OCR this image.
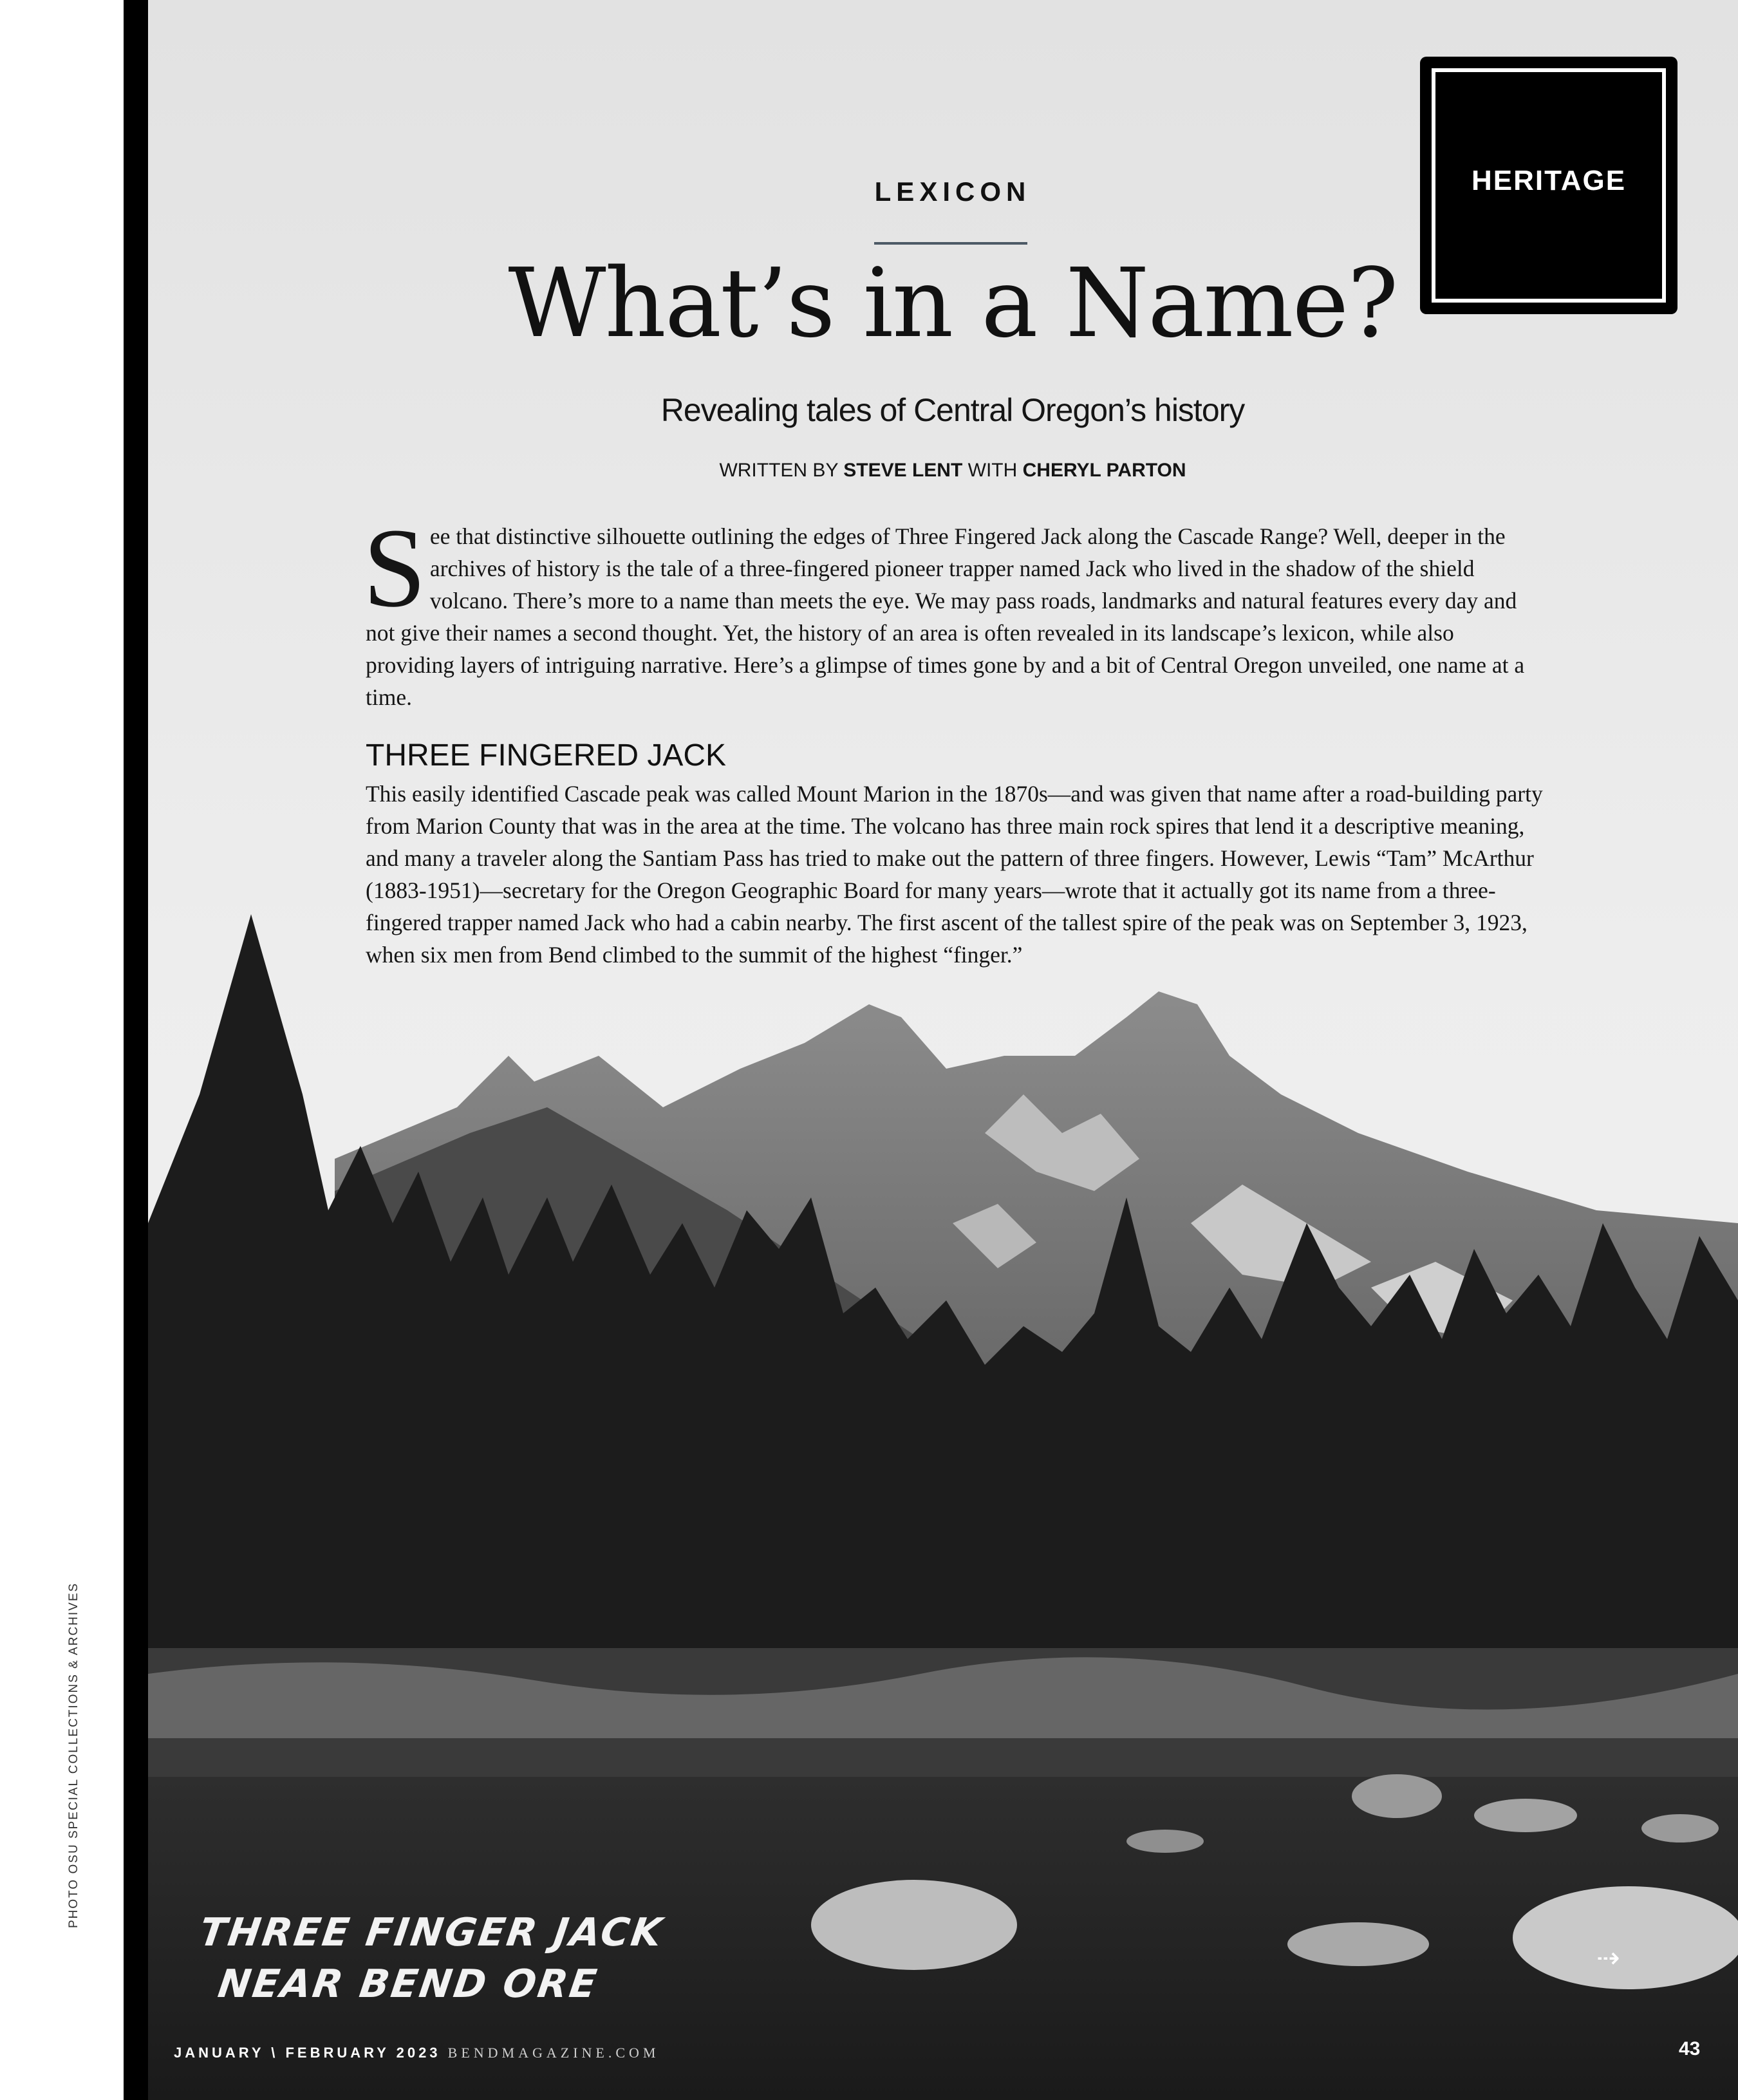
PHOTO OSU SPECIAL COLLECTIONS & ARCHIVES
HERITAGE
LEXICON
What’s in a Name?
Revealing tales of Central Oregon’s history
WRITTEN BY STEVE LENT WITH CHERYL PARTON
See that distinctive silhouette outlining the edges of Three Fingered Jack along the Cascade Range? Well, deeper in the archives of history is the tale of a three-fingered pioneer trapper named Jack who lived in the shadow of the shield volcano. There’s more to a name than meets the eye. We may pass roads, landmarks and natural features every day and not give their names a second thought. Yet, the history of an area is often revealed in its landscape’s lexicon, while also providing layers of intriguing narrative. Here’s a glimpse of times gone by and a bit of Central Oregon unveiled, one name at a time.
THREE FINGERED JACK
This easily identified Cascade peak was called Mount Marion in the 1870s—and was given that name after a road-building party from Marion County that was in the area at the time. The volcano has three main rock spires that lend it a descriptive meaning, and many a traveler along the Santiam Pass has tried to make out the pattern of three fingers. However, Lewis “Tam” McArthur (1883-1951)—secretary for the Oregon Geographic Board for many years—wrote that it actually got its name from a three-fingered trapper named Jack who had a cabin nearby. The first ascent of the tallest spire of the peak was on September 3, 1923, when six men from Bend climbed to the summit of the highest “finger.”
THREE FINGER JACK
NEAR BEND ORE
⇢
JANUARY \ FEBRUARY 2023 BENDMAGAZINE.COM	43
